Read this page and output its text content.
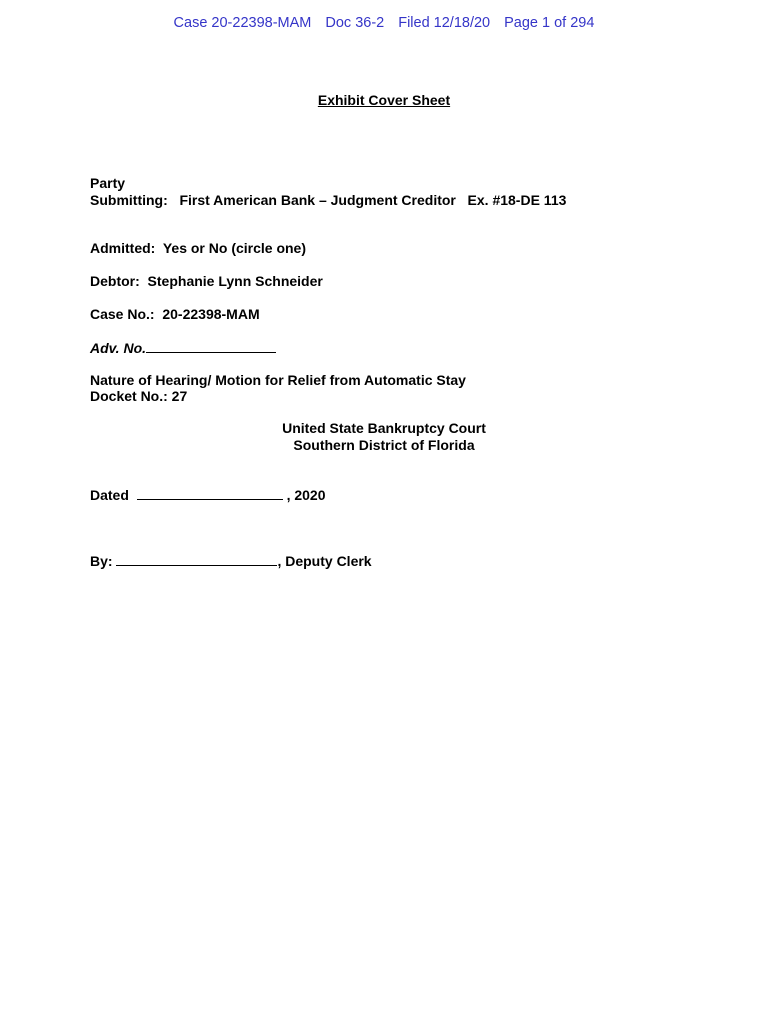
Case 20-22398-MAM Doc 36-2 Filed 12/18/20 Page 1 of 294
Exhibit Cover Sheet
Party
Submitting: First American Bank – Judgment Creditor Ex. #18-DE 113
Admitted:  Yes or No (circle one)
Debtor:  Stephanie Lynn Schneider
Case No.:  20-22398-MAM
Adv. No.
Nature of Hearing/ Motion for Relief from Automatic Stay
Docket No.: 27
United State Bankruptcy Court
Southern District of Florida
Dated	, 2020
By:	, Deputy Clerk
